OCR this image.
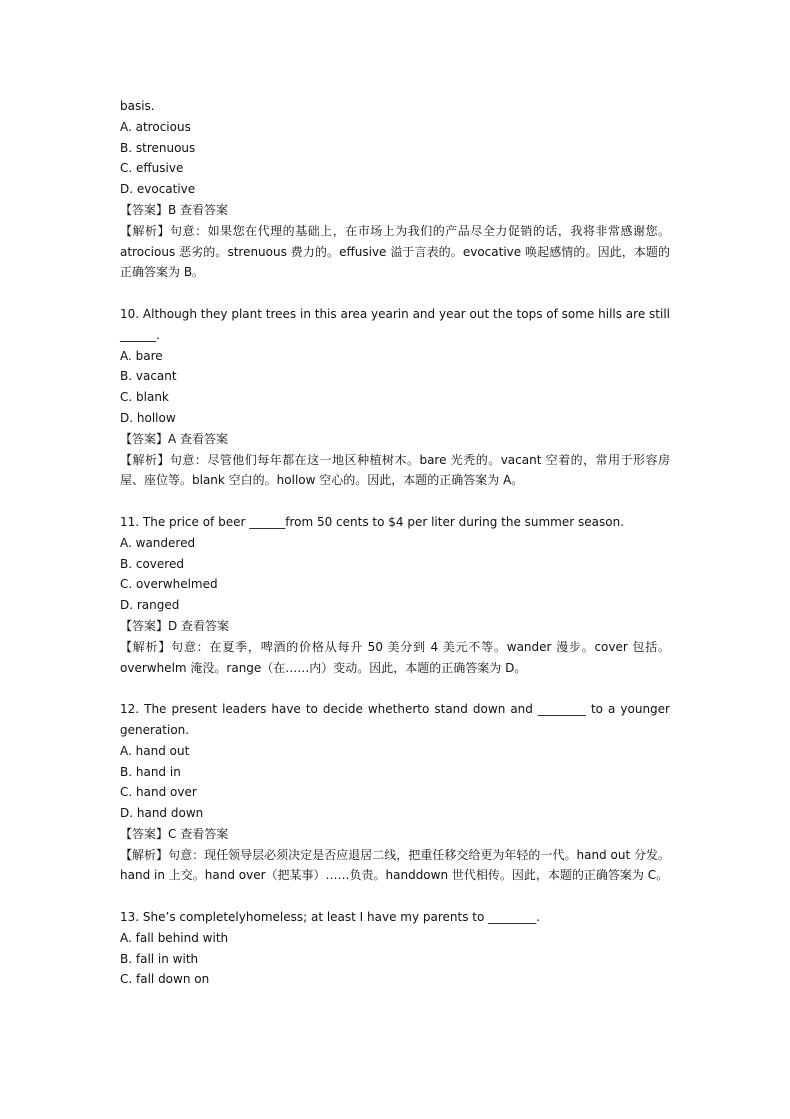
basis.
A. atrocious
B. strenuous
C. effusive
D. evocative
【答案】B 查看答案
【解析】句意：如果您在代理的基础上，在市场上为我们的产品尽全力促销的话，我将非常感谢您。atrocious 恶劣的。strenuous 费力的。effusive 溢于言表的。evocative 唤起感情的。因此，本题的正确答案为 B。
10. Although they plant trees in this area yearin and year out the tops of some hills are still ______.
A. bare
B. vacant
C. blank
D. hollow
【答案】A 查看答案
【解析】句意：尽管他们每年都在这一地区种植树木。bare 光秃的。vacant 空着的，常用于形容房屋、座位等。blank 空白的。hollow 空心的。因此，本题的正确答案为 A。
11. The price of beer ______from 50 cents to $4 per liter during the summer season.
A. wandered
B. covered
C. overwhelmed
D. ranged
【答案】D 查看答案
【解析】句意：在夏季，啤酒的价格从每升 50 美分到 4 美元不等。wander 漫步。cover 包括。overwhelm 淹没。range（在……内）变动。因此，本题的正确答案为 D。
12. The present leaders have to decide whetherto stand down and ________ to a younger generation.
A. hand out
B. hand in
C. hand over
D. hand down
【答案】C 查看答案
【解析】句意：现任领导层必须决定是否应退居二线，把重任移交给更为年轻的一代。hand out 分发。hand in 上交。hand over（把某事）……负责。handdown 世代相传。因此，本题的正确答案为 C。
13. She’s completelyhomeless; at least I have my parents to ________.
A. fall behind with
B. fall in with
C. fall down on
